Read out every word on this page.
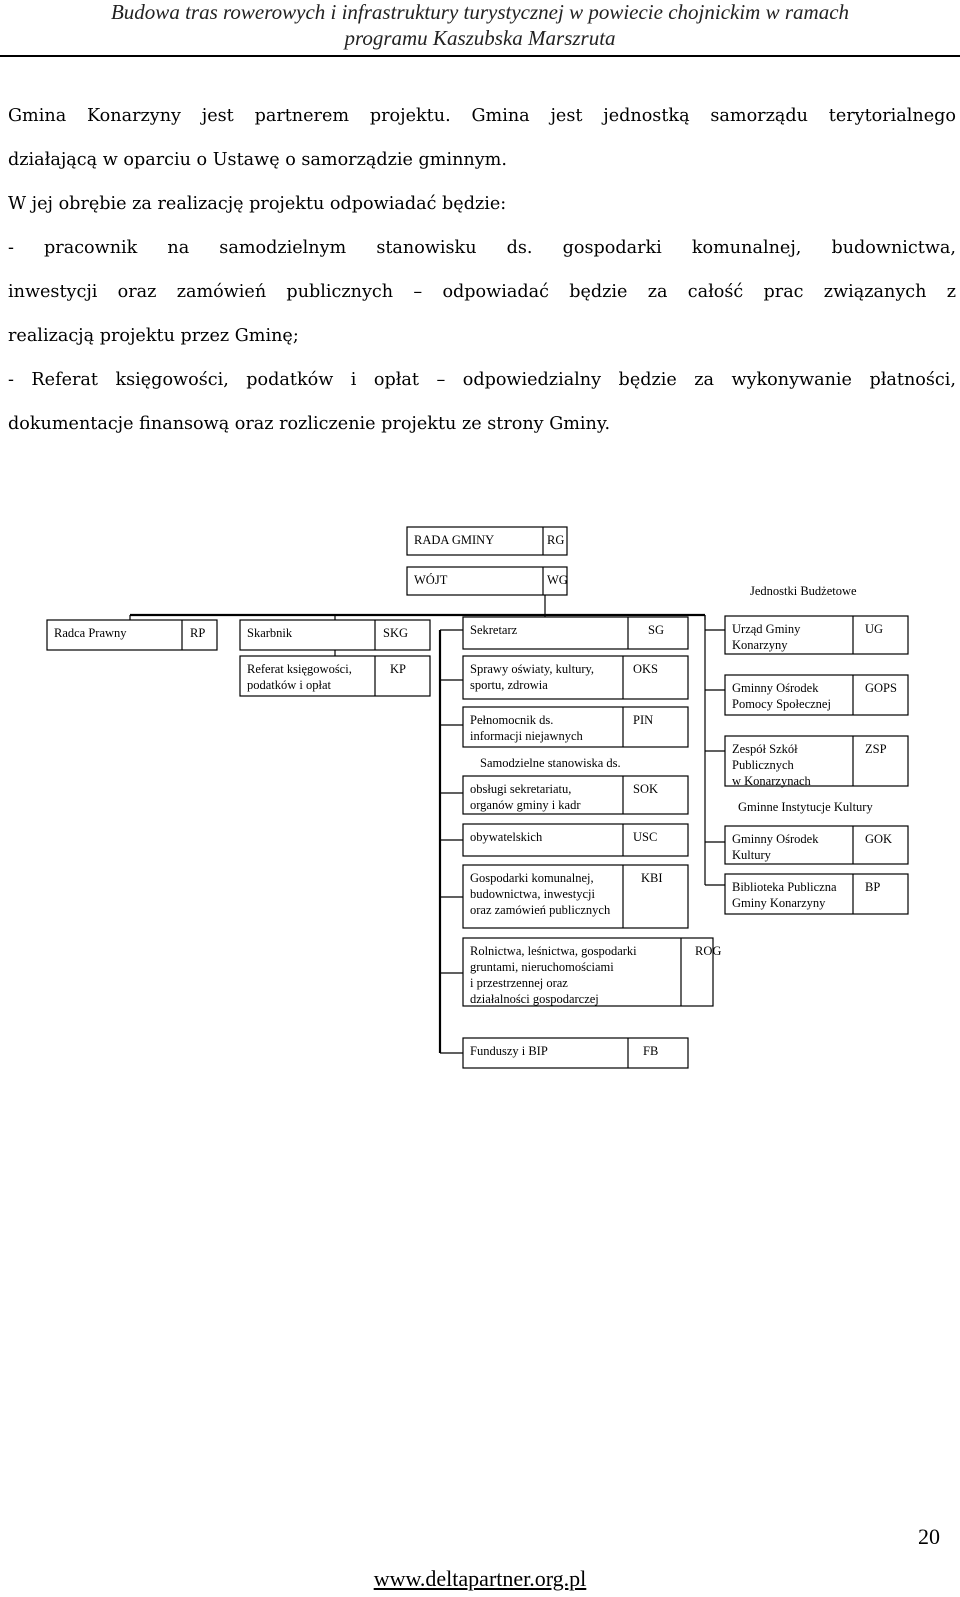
Budowa tras rowerowych i infrastruktury turystycznej w powiecie chojnickim w ramach
programu Kaszubska Marszruta

Gmina Konarzyny jest partnerem projektu. Gmina jest jednostką samorządu terytorialnego

działającą w oparciu o Ustawę o samorządzie gminnym.

W jej obrębie za realizację projektu odpowiadać będzie:

- pracownik na samodzielnym stanowisku ds. gospodarki komunalnej, budownictwa,

inwestycji oraz zamówień publicznych – odpowiadać będzie za całość prac związanych z

realizacją projektu przez Gminę;

- Referat księgowości, podatków i opłat – odpowiedzialny będzie za wykonywanie płatności,

dokumentacje finansową oraz rozliczenie projektu ze strony Gminy.

RADA GMINY	RG
WÓJT	WG
Radca Prawny	RP	Skarbnik	SKG
Referat księgowości,
podatków i opłat
KP
Sekretarz	SG
Sprawy oświaty, kultury,
sportu, zdrowia
OKS
Pełnomocnik ds.
informacji niejawnych
PIN
obsługi sekretariatu,
organów gminy i kadr
SOK
obywatelskich	USC
Gospodarki komunalnej,
budownictwa, inwestycji
oraz zamówień publicznych
KBI
Rolnictwa, leśnictwa, gospodarki
gruntami, nieruchomościami
i przestrzennej oraz
działalności gospodarczej
ROG
Funduszy i BIP	FB
Samodzielne stanowiska ds.
Jednostki Budżetowe
Urząd Gminy
Konarzyny
UG
Gminny Ośrodek
Pomocy Społecznej
GOPS
Zespół Szkół
Publicznych
w Konarzynach
ZSP
Gminne Instytucje Kultury
Gminny Ośrodek
Kultury
GOK
Biblioteka Publiczna
Gminy Konarzyny
BP
20
www.deltapartner.org.pl
